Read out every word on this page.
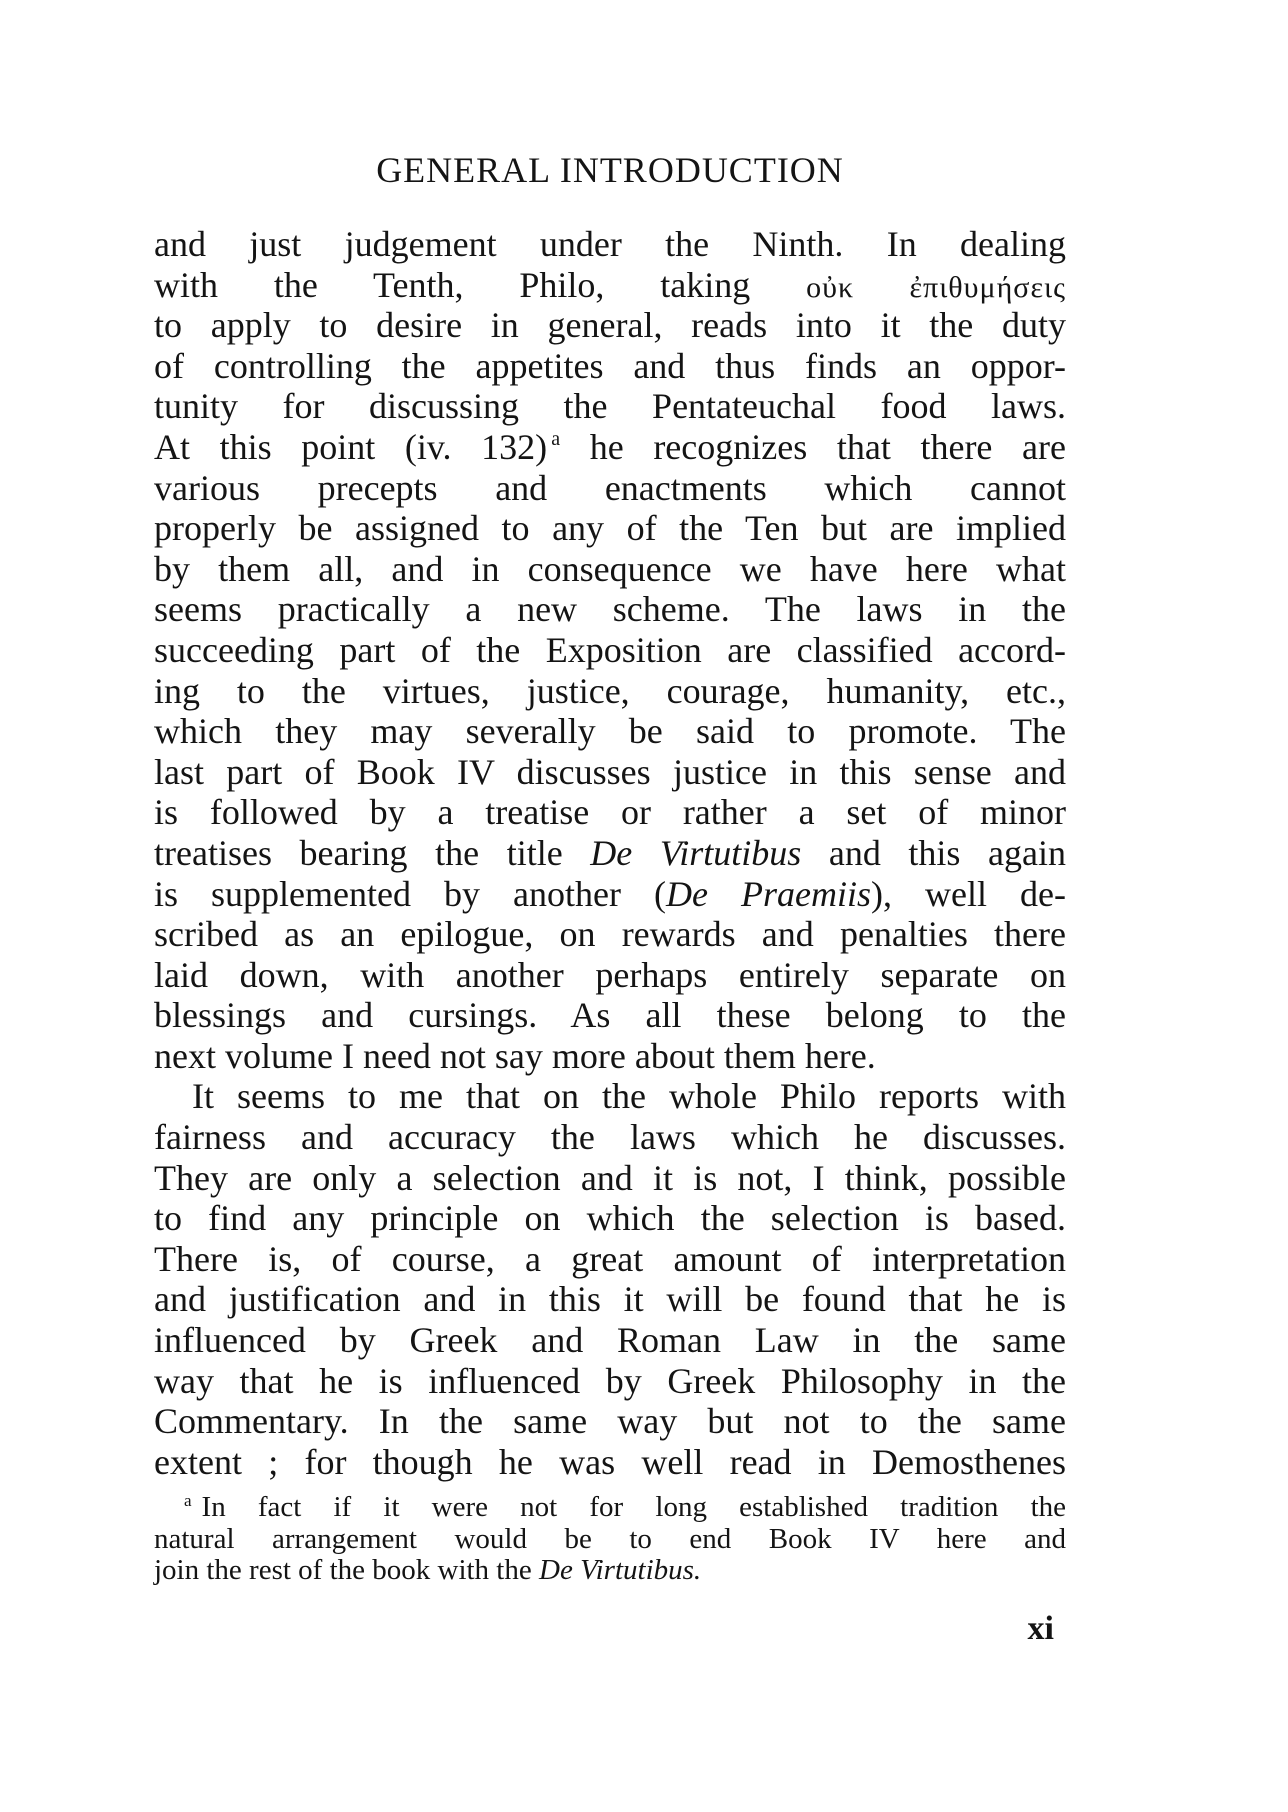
GENERAL INTRODUCTION
and just judgement under the Ninth. In dealing
with the Tenth, Philo, taking οὐκ ἐπιθυμήσεις
to apply to desire in general, reads into it the duty
of controlling the appetites and thus finds an oppor-
tunity for discussing the Pentateuchal food laws.
At this point (iv. 132) $^a$ he recognizes that there are
various precepts and enactments which cannot
properly be assigned to any of the Ten but are implied
by them all, and in consequence we have here what
seems practically a new scheme. The laws in the
succeeding part of the Exposition are classified accord-
ing to the virtues, justice, courage, humanity, etc.,
which they may severally be said to promote. The
last part of Book IV discusses justice in this sense and
is followed by a treatise or rather a set of minor
treatises bearing the title De Virtutibus and this again
is supplemented by another (De Praemiis), well de-
scribed as an epilogue, on rewards and penalties there
laid down, with another perhaps entirely separate on
blessings and cursings. As all these belong to the
next volume I need not say more about them here.
It seems to me that on the whole Philo reports with
fairness and accuracy the laws which he discusses.
They are only a selection and it is not, I think, possible
to find any principle on which the selection is based.
There is, of course, a great amount of interpretation
and justification and in this it will be found that he is
influenced by Greek and Roman Law in the same
way that he is influenced by Greek Philosophy in the
Commentary. In the same way but not to the same
extent ; for though he was well read in Demosthenes
$^a$ In fact if it were not for long established tradition the
natural arrangement would be to end Book IV here and
join the rest of the book with the De Virtutibus.
xi
